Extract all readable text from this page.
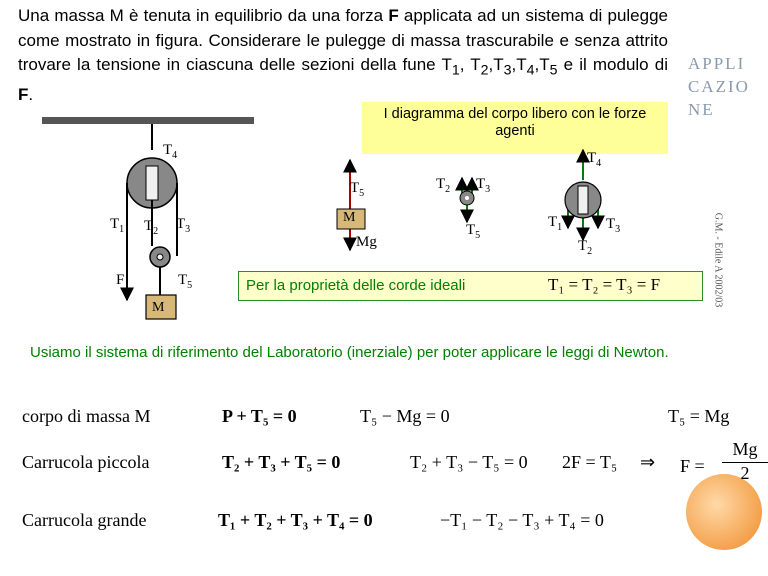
Una massa M è tenuta in equilibrio da una forza F applicata ad un sistema di pulegge come mostrato in figura. Considerare le pulegge di massa trascurabile e senza attrito trovare la tensione in ciascuna delle sezioni della fune $T_1$, $T_2,T_3,T_4,T_5$ e il modulo di F.
APPLI
CAZIO
NE
G.M. - Edile A 2002/03
I diagramma del corpo libero con le forze agenti
$T_4$
$T_1$ $T_2$ $T_3$
F	$T_5$
M
$T_5$
M
Mg
$T_2$ $T_3$
$T_5$
$T_4$
$T_1$	$T_3$
$T_2$
Per la proprietà delle corde ideali	T₁ = T₂ = T₃ = F
Usiamo il sistema di riferimento del Laboratorio (inerziale) per poter applicare le leggi di Newton.
corpo di massa M	P + T₅ = 0	T₅ − Mg = 0	T₅ = Mg
Carrucola piccola	T₂ + T₃ + T₅ = 0	T₂ + T₃ − T₅ = 0 2F = T₅ ⇒ $F = \frac{Mg}{2}$
Carrucola grande	T₁ + T₂ + T₃ + T₄ = 0	−T₁ − T₂ − T₃ + T₄ = 0
